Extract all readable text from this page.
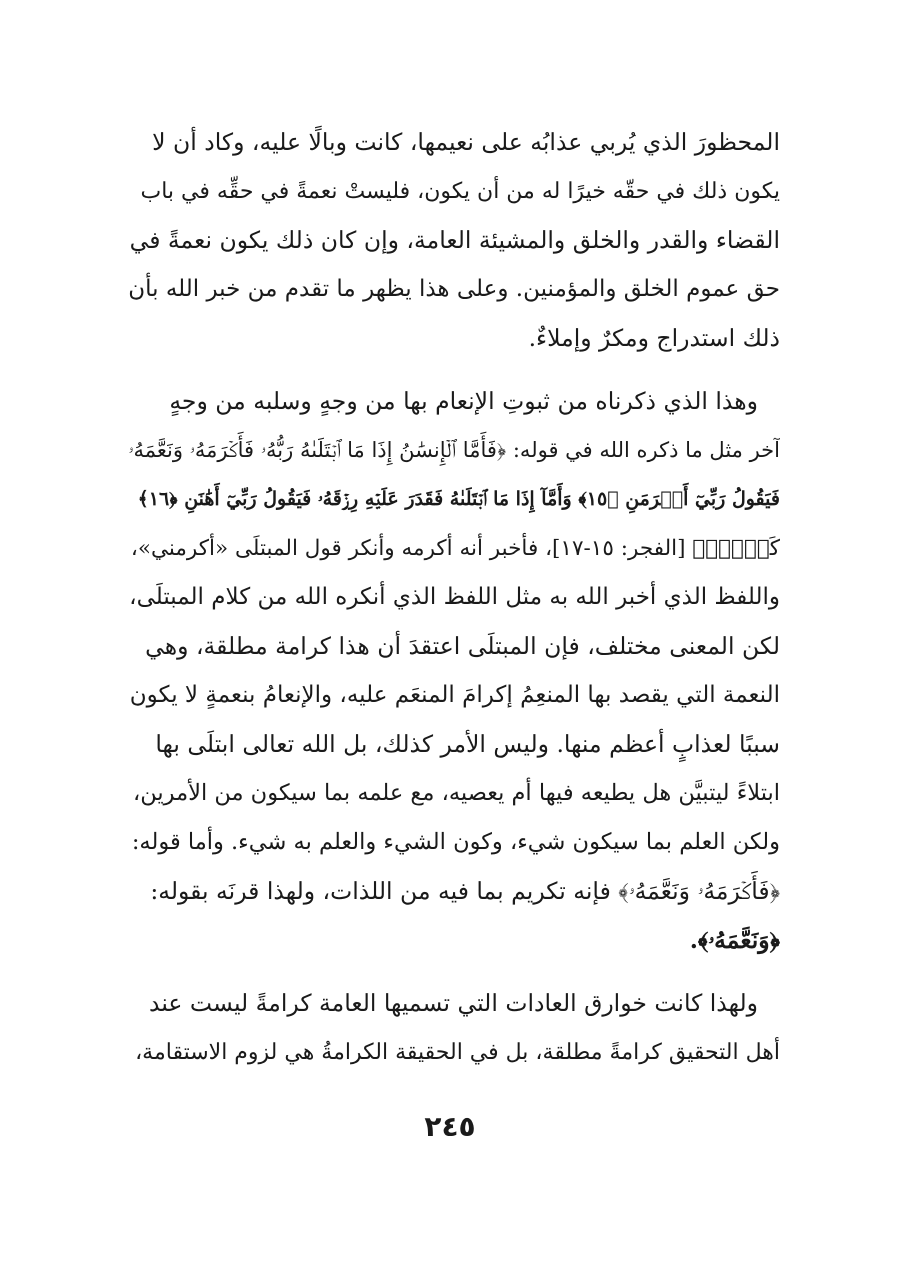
المحظورَ الذي يُربي عذابُه على نعيمها، كانت وبالًا عليه، وكاد أن لا
يكون ذلك في حقّه خيرًا له من أن يكون، فليستْ نعمةً في حقِّه في باب
القضاء والقدر والخلق والمشيئة العامة، وإن كان ذلك يكون نعمةً في
حق عموم الخلق والمؤمنين. وعلى هذا يظهر ما تقدم من خبر الله بأن
ذلك استدراج ومكرٌ وإملاءٌ.
وهذا الذي ذكرناه من ثبوتِ الإنعام بها من وجهٍ وسلبه من وجهٍ
آخر مثل ما ذكره الله في قوله: ﴿فَأَمَّا ٱلۡإِنسَٰنُ إِذَا مَا ٱبۡتَلَىٰهُ رَبُّهُۥ فَأَكۡرَمَهُۥ وَنَعَّمَهُۥ
فَيَقُولُ رَبِّيٓ أَكۡرَمَنِ ﴿١٥﴾ وَأَمَّآ إِذَا مَا ٱبۡتَلَىٰهُ فَقَدَرَ عَلَيۡهِ رِزۡقَهُۥ فَيَقُولُ رَبِّيٓ أَهَٰنَنِ ﴿١٦﴾
كَلَّاۖ﴾ [الفجر: ١٥-١٧]، فأخبر أنه أكرمه وأنكر قول المبتلَى «أكرمني»،
واللفظ الذي أخبر الله به مثل اللفظ الذي أنكره الله من كلام المبتلَى،
لكن المعنى مختلف، فإن المبتلَى اعتقدَ أن هذا كرامة مطلقة، وهي
النعمة التي يقصد بها المنعِمُ إكرامَ المنعَم عليه، والإنعامُ بنعمةٍ لا يكون
سببًا لعذابٍ أعظم منها. وليس الأمر كذلك، بل الله تعالى ابتلَى بها
ابتلاءً ليتبيَّن هل يطيعه فيها أم يعصيه، مع علمه بما سيكون من الأمرين،
ولكن العلم بما سيكون شيء، وكون الشيء والعلم به شيء. وأما قوله:
﴿فَأَكۡرَمَهُۥ وَنَعَّمَهُۥ﴾ فإنه تكريم بما فيه من اللذات، ولهذا قرنَه بقوله:
﴿وَنَعَّمَهُۥ﴾.
ولهذا كانت خوارق العادات التي تسميها العامة كرامةً ليست عند
أهل التحقيق كرامةً مطلقة، بل في الحقيقة الكرامةُ هي لزوم الاستقامة،
٢٤٥
